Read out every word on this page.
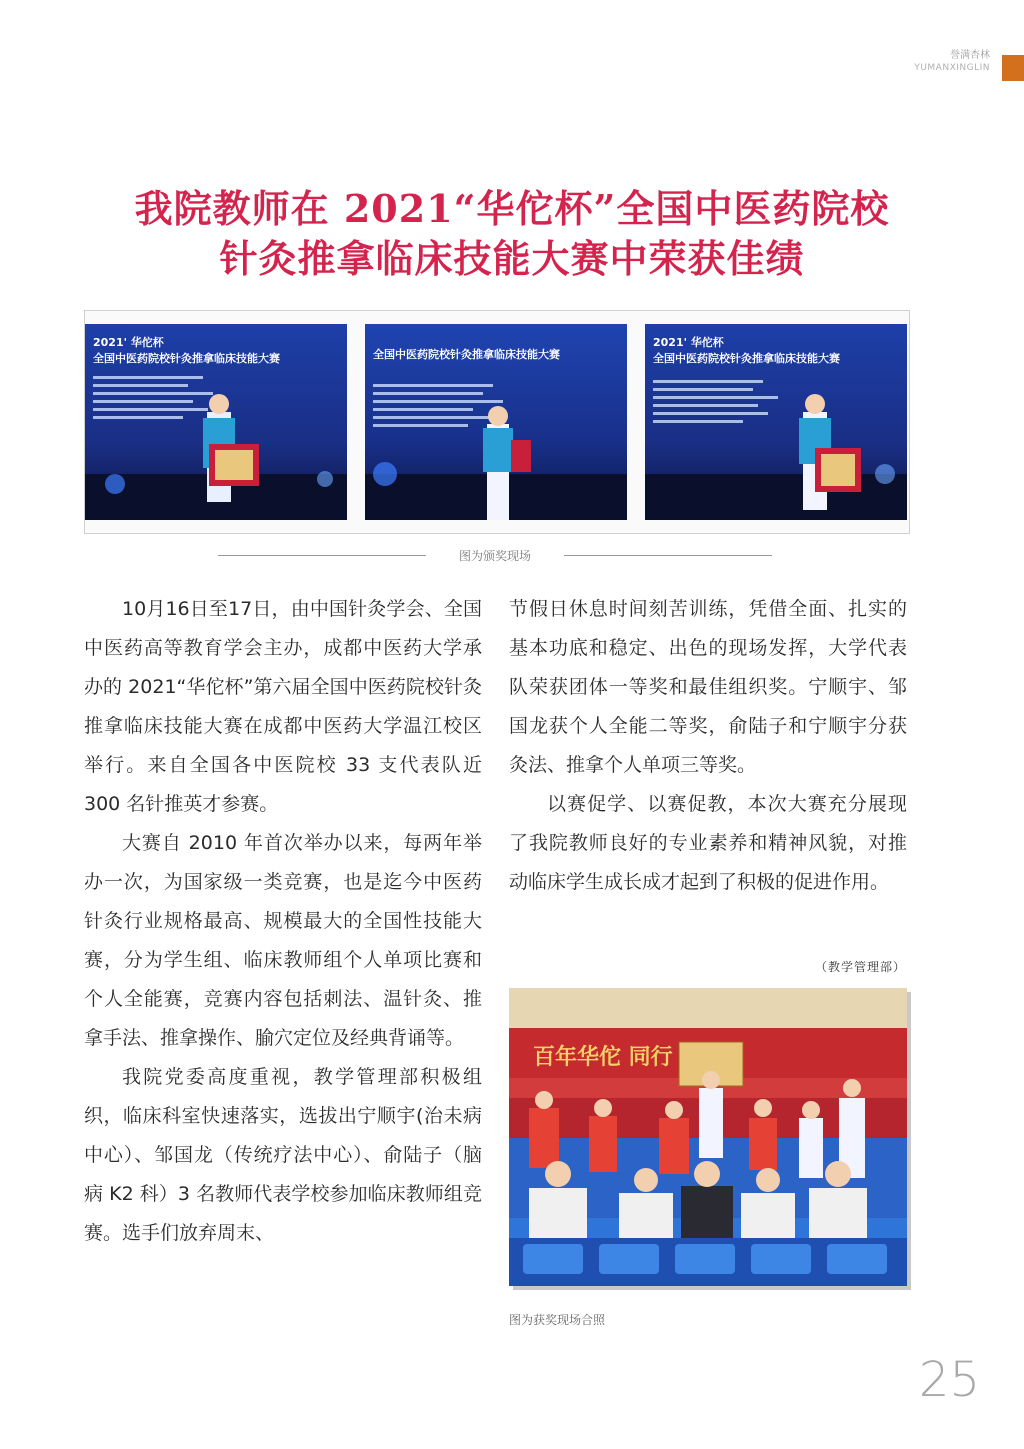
誉满杏林
YUMANXINGLIN
我院教师在 2021“华佗杯”全国中医药院校
针灸推拿临床技能大赛中荣获佳绩
2021' 华佗杯
全国中医药院校针灸推拿临床技能大赛	全国中医药院校针灸推拿临床技能大赛
2021' 华佗杯
全国中医药院校针灸推拿临床技能大赛
图为颁奖现场

10月16日至17日，由中国针灸学会、全国中医药高等教育学会主办，成都中医药大学承办的 2021“华佗杯”第六届全国中医药院校针灸推拿临床技能大赛在成都中医药大学温江校区举行。来自全国各中医院校 33 支代表队近 300 名针推英才参赛。

大赛自 2010 年首次举办以来，每两年举办一次，为国家级一类竞赛，也是迄今中医药针灸行业规格最高、规模最大的全国性技能大赛，分为学生组、临床教师组个人单项比赛和个人全能赛，竞赛内容包括刺法、温针灸、推拿手法、推拿操作、腧穴定位及经典背诵等。

我院党委高度重视，教学管理部积极组织，临床科室快速落实，选拔出宁顺宇(治未病中心）、邹国龙（传统疗法中心）、俞陆子（脑病 K2 科）3 名教师代表学校参加临床教师组竞赛。选手们放弃周末、

节假日休息时间刻苦训练，凭借全面、扎实的基本功底和稳定、出色的现场发挥，大学代表队荣获团体一等奖和最佳组织奖。宁顺宇、邹国龙获个人全能二等奖，俞陆子和宁顺宇分获灸法、推拿个人单项三等奖。

以赛促学、以赛促教，本次大赛充分展现了我院教师良好的专业素养和精神风貌，对推动临床学生成长成才起到了积极的促进作用。

（教学管理部）
百年华佗 同行
图为获奖现场合照
25
